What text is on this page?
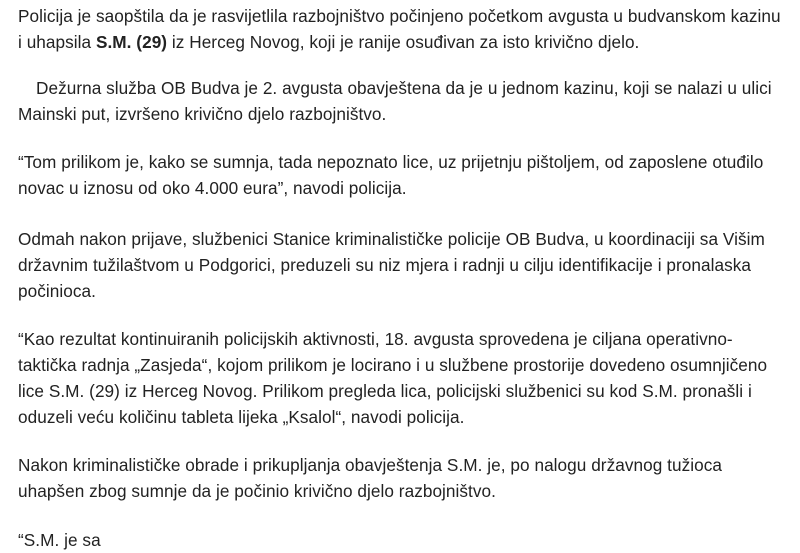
Policija je saopštila da je rasvijetlila razbojništvo počinjeno početkom avgusta u budvanskom kazinu i uhapsila S.M. (29) iz Herceg Novog, koji je ranije osuđivan za isto krivično djelo.

Dežurna služba OB Budva je 2. avgusta obavještena da je u jednom kazinu, koji se nalazi u ulici Mainski put, izvršeno krivično djelo razbojništvo.

“Tom prilikom je, kako se sumnja, tada nepoznato lice, uz prijetnju pištoljem, od zaposlene otuđilo novac u iznosu od oko 4.000 eura”, navodi policija.

Odmah nakon prijave, službenici Stanice kriminalističke policije OB Budva, u koordinaciji sa Višim državnim tužilaštvom u Podgorici, preduzeli su niz mjera i radnji u cilju identifikacije i pronalaska počinioca.

“Kao rezultat kontinuiranih policijskih aktivnosti, 18. avgusta sprovedena je ciljana operativno-taktička radnja „Zasjeda“, kojom prilikom je locirano i u službene prostorije dovedeno osumnjičeno lice S.M. (29) iz Herceg Novog. Prilikom pregleda lica, policijski službenici su kod S.M. pronašli i oduzeli veću količinu tableta lijeka „Ksalol“, navodi policija.

Nakon kriminalističke obrade i prikupljanja obavještenja S.M. je, po nalogu državnog tužioca uhapšen zbog sumnje da je počinio krivično djelo razbojništvo.

“S.M. je sa
